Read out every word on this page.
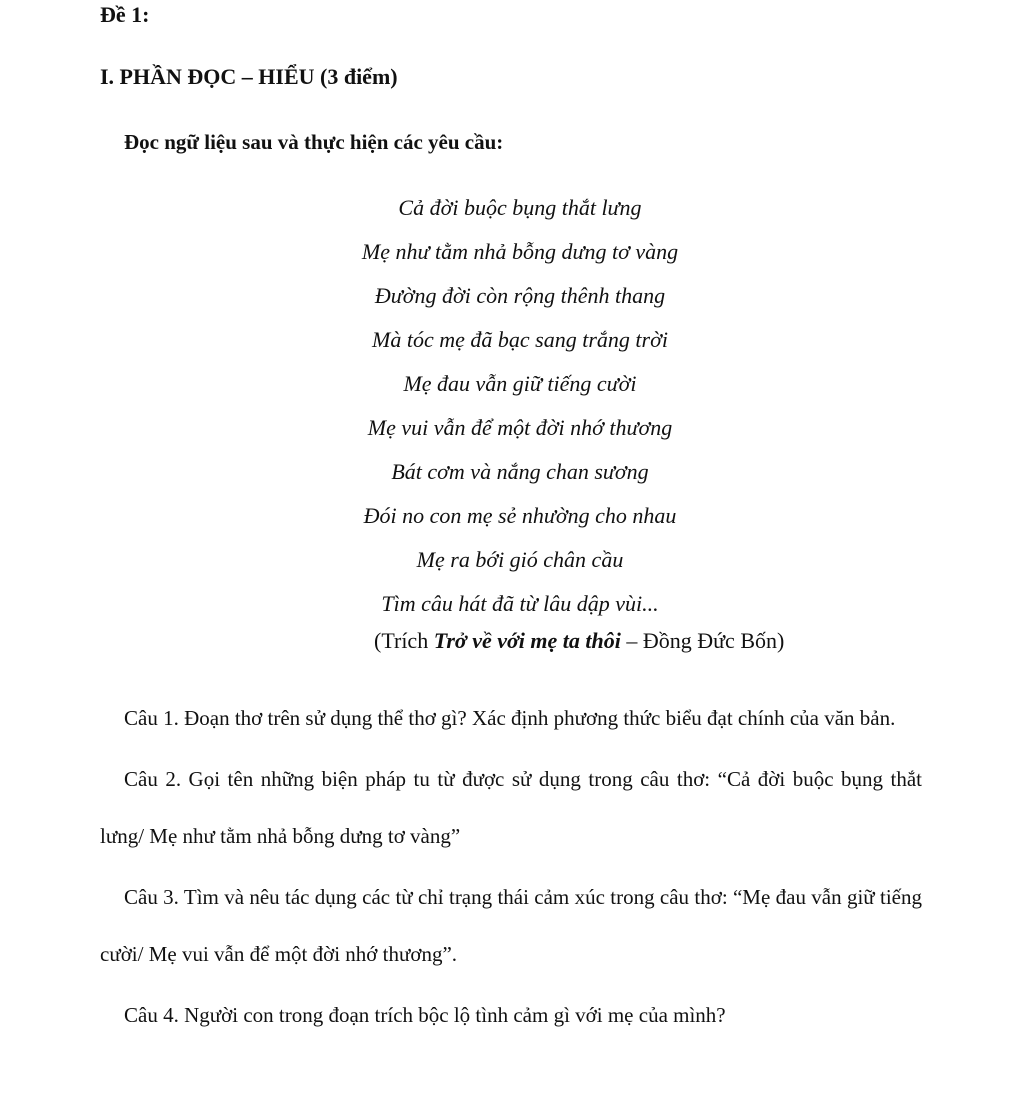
Đề 1:
I. PHẦN ĐỌC – HIỂU (3 điểm)
Đọc ngữ liệu sau và thực hiện các yêu cầu:
Cả đời buộc bụng thắt lưng
Mẹ như tằm nhả bỗng dưng tơ vàng
Đường đời còn rộng thênh thang
Mà tóc mẹ đã bạc sang trắng trời
Mẹ đau vẫn giữ tiếng cười
Mẹ vui vẫn để một đời nhớ thương
Bát cơm và nắng chan sương
Đói no con mẹ sẻ nhường cho nhau
Mẹ ra bới gió chân cầu
Tìm câu hát đã từ lâu dập vùi...
(Trích Trở về với mẹ ta thôi – Đồng Đức Bốn)

Câu 1. Đoạn thơ trên sử dụng thể thơ gì? Xác định phương thức biểu đạt chính của văn bản.

Câu 2. Gọi tên những biện pháp tu từ được sử dụng trong câu thơ: “Cả đời buộc bụng thắt lưng/ Mẹ như tằm nhả bỗng dưng tơ vàng”

Câu 3. Tìm và nêu tác dụng các từ chỉ trạng thái cảm xúc trong câu thơ: “Mẹ đau vẫn giữ tiếng cười/ Mẹ vui vẫn để một đời nhớ thương”.

Câu 4. Người con trong đoạn trích bộc lộ tình cảm gì với mẹ của mình?
